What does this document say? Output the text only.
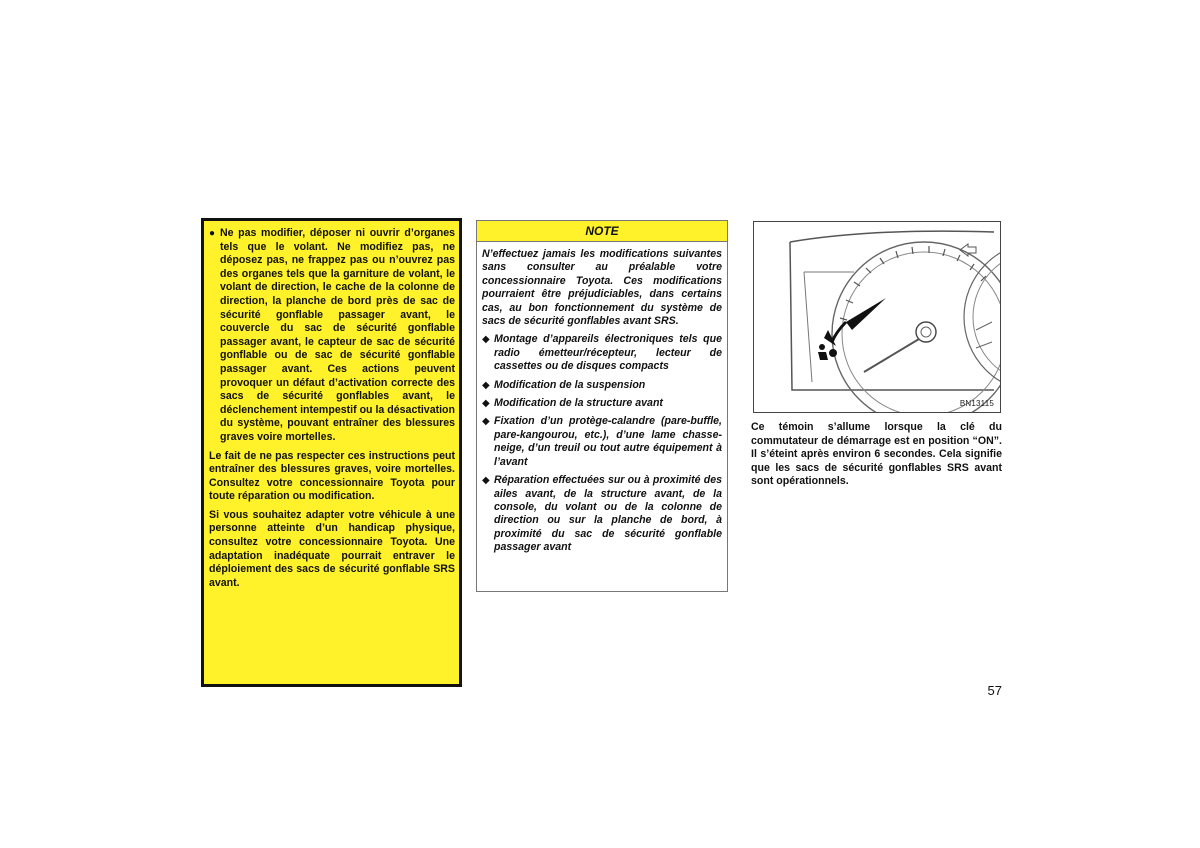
● Ne pas modifier, déposer ni ouvrir d’organes tels que le volant. Ne modifiez pas, ne déposez pas, ne frappez pas ou n’ouvrez pas des organes tels que la garniture de volant, le volant de direction, le cache de la colonne de direction, la planche de bord près de sac de sécurité gonflable passager avant, le couvercle du sac de sécurité gonflable passager avant, le capteur de sac de sécurité gonflable ou de sac de sécurité gonflable passager avant. Ces actions peuvent provoquer un défaut d’activation correcte des sacs de sécurité gonflables avant, le déclenchement intempestif ou la désactivation du système, pouvant entraîner des blessures graves voire mortelles.

Le fait de ne pas respecter ces instructions peut entraîner des blessures graves, voire mortelles. Consultez votre concessionnaire Toyota pour toute réparation ou modification.

Si vous souhaitez adapter votre véhicule à une personne atteinte d’un handicap physique, consultez votre concessionnaire Toyota. Une adaptation inadéquate pourrait entraver le déploiement des sacs de sécurité gonflable SRS avant.

NOTE

N’effectuez jamais les modifications suivantes sans consulter au préalable votre concessionnaire Toyota. Ces modifications pourraient être préjudiciables, dans certains cas, au bon fonctionnement du système de sacs de sécurité gonflables avant SRS.

◆ Montage d’appareils électroniques tels que radio émetteur/récepteur, lecteur de cassettes ou de disques compacts
◆ Modification de la suspension
◆ Modification de la structure avant
◆ Fixation d’un protège-calandre (pare-buffle, pare-kangourou, etc.), d’une lame chasse-neige, d’un treuil ou tout autre équipement à l’avant
◆ Réparation effectuées sur ou à proximité des ailes avant, de la structure avant, de la console, du volant ou de la colonne de direction ou sur la planche de bord, à proximité du sac de sécurité gonflable passager avant
BN13115
Ce témoin s’allume lorsque la clé du commutateur de démarrage est en position “ON”. Il s’éteint après environ 6 secondes. Cela signifie que les sacs de sécurité gonflables SRS avant sont opérationnels.
57
